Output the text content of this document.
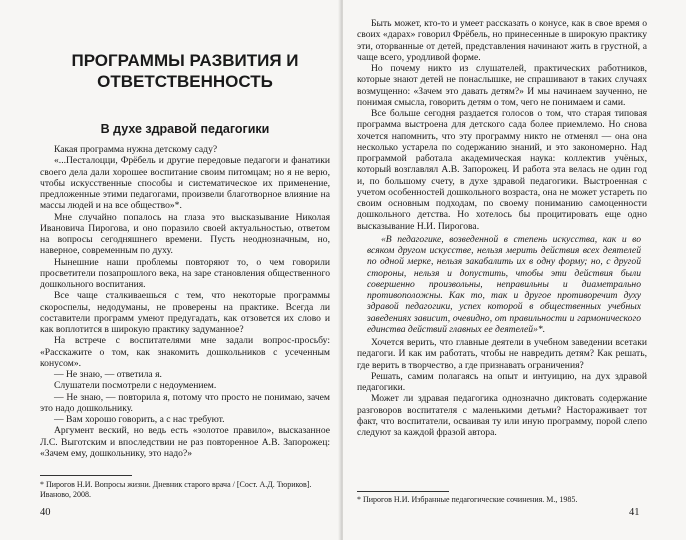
ПРОГРАММЫ РАЗВИТИЯ И ОТВЕТСТВЕННОСТЬ
В духе здравой педагогики

Какая программа нужна детскому саду?

«...Песталоцци, Фрёбель и другие передовые педагоги и фанатики своего дела дали хорошее воспитание своим питомцам; но я не верю, чтобы искусственные способы и систематическое их применение, предложенные этими педагогами, произвели благотворное влияние на массы людей и на все общество»*.

Мне случайно попалось на глаза это высказывание Николая Ивановича Пирогова, и оно поразило своей актуальностью, ответом на вопросы сегодняшнего времени. Пусть неоднозначным, но, наверное, современным по духу.

Нынешние наши проблемы повторяют то, о чем говорили просветители позапрошлого века, на заре становления общественного дошкольного воспитания.

Все чаще сталкиваешься с тем, что некоторые программы скороспелы, недодуманы, не проверены на практике. Всегда ли составители программ умеют предугадать, как отзовется их слово и как воплотится в широкую практику задуманное?

На встрече с воспитателями мне задали вопрос-просьбу: «Расскажите о том, как знакомить дошкольников с усеченным конусом».

— Не знаю, — ответила я.

Слушатели посмотрели с недоумением.

— Не знаю, — повторила я, потому что просто не понимаю, зачем это надо дошкольнику.

— Вам хорошо говорить, а с нас требуют.

Аргумент веский, но ведь есть «золотое правило», высказанное Л.С. Выготским и впоследствии не раз повторенное А.В. Запорожец: «Зачем ему, дошкольнику, это надо?»

* Пирогов Н.И. Вопросы жизни. Дневник старого врача / [Сост. А.Д. Тюриков]. Иваново, 2008.
40

Быть может, кто-то и умеет рассказать о конусе, как в свое время о своих «дарах» говорил Фрёбель, но принесенные в широкую практику эти, оторванные от детей, представления начинают жить в грустной, а чаще всего, уродливой форме.

Но почему никто из слушателей, практических работников, которые знают детей не понаслышке, не спрашивают в таких случаях возмущенно: «Зачем это давать детям?» И мы начинаем заученно, не понимая смысла, говорить детям о том, чего не понимаем и сами.

Все больше сегодня раздается голосов о том, что старая типовая программа выстроена для детского сада более приемлемо. Но снова хочется напомнить, что эту программу никто не отменял — она она несколько устарела по содержанию знаний, и это закономерно. Над программой работала академическая наука: коллектив учёных, который возглавлял А.В. Запорожец. И работа эта велась не один год и, по большому счету, в духе здравой педагогики. Выстроенная с учетом особенностей дошкольного возраста, она не может устареть по своим основным подходам, по своему пониманию самоценности дошкольного детства. Но хотелось бы процитировать еще одно высказывание Н.И. Пирогова.

«В педагогике, возведенной в степень искусства, как и во всяком другом искусстве, нельзя мерить действия всех деятелей по одной мерке, нельзя закабалить их в одну форму; но, с другой стороны, нельзя и допустить, чтобы эти действия были совершенно произвольны, неправильны и диаметрально противоположны. Как то, так и другое противоречит духу здравой педагогики, успех которой в общественных учебных заведениях зависит, очевидно, от правильности и гармонического единства действий главных ее деятелей»*.

Хочется верить, что главные деятели в учебном заведении всетаки педагоги. И как им работать, чтобы не навредить детям? Как решать, где верить в творчество, а где признавать ограничения?

Решать, самим полагаясь на опыт и интуицию, на дух здравой педагогики.

Может ли здравая педагогика однозначно диктовать содержание разговоров воспитателя с маленькими детьми? Настораживает тот факт, что воспитатели, осваивая ту или иную программу, порой слепо следуют за каждой фразой автора.

* Пирогов Н.И. Избранные педагогические сочинения. М., 1985.
41
